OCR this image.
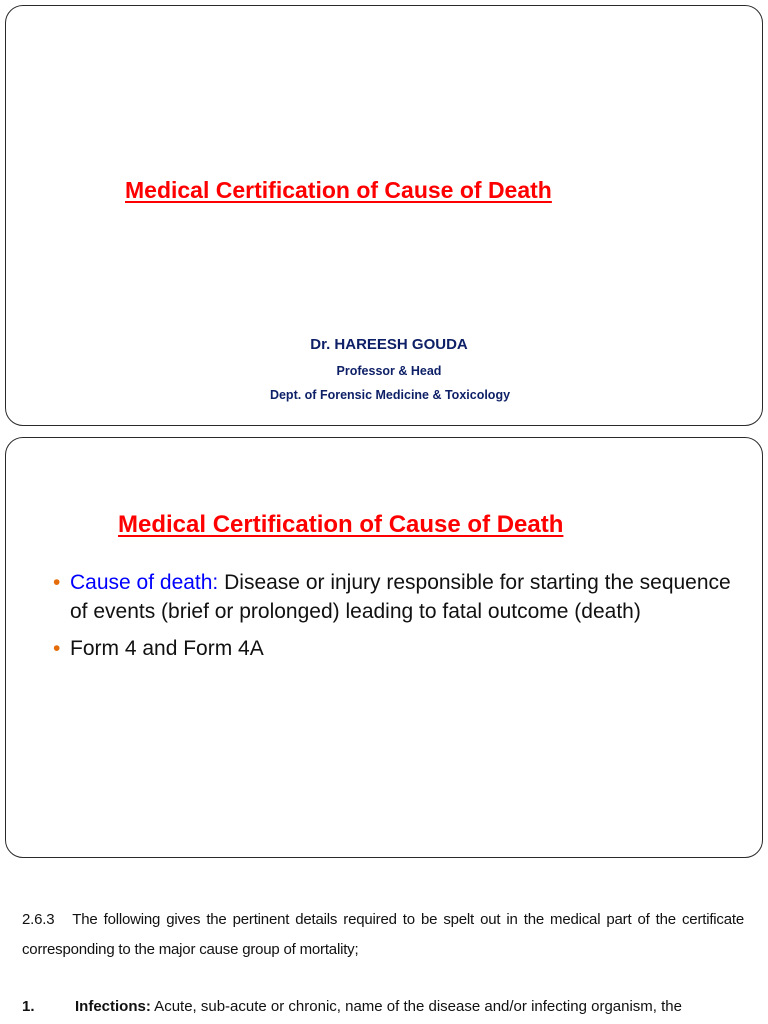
Medical Certification of Cause of Death
Dr. HAREESH GOUDA
Professor & Head
Dept. of Forensic Medicine & Toxicology
Medical Certification of Cause of Death
• Cause of death: Disease or injury responsible for starting the sequence of events (brief or prolonged) leading to fatal outcome (death)
• Form 4 and Form 4A
2.6.3   The following gives the pertinent details required to be spelt out in the medical part of the certificate corresponding to the major cause group of mortality;
1.	Infections: Acute, sub-acute or chronic, name of the disease and/or infecting organism, the
